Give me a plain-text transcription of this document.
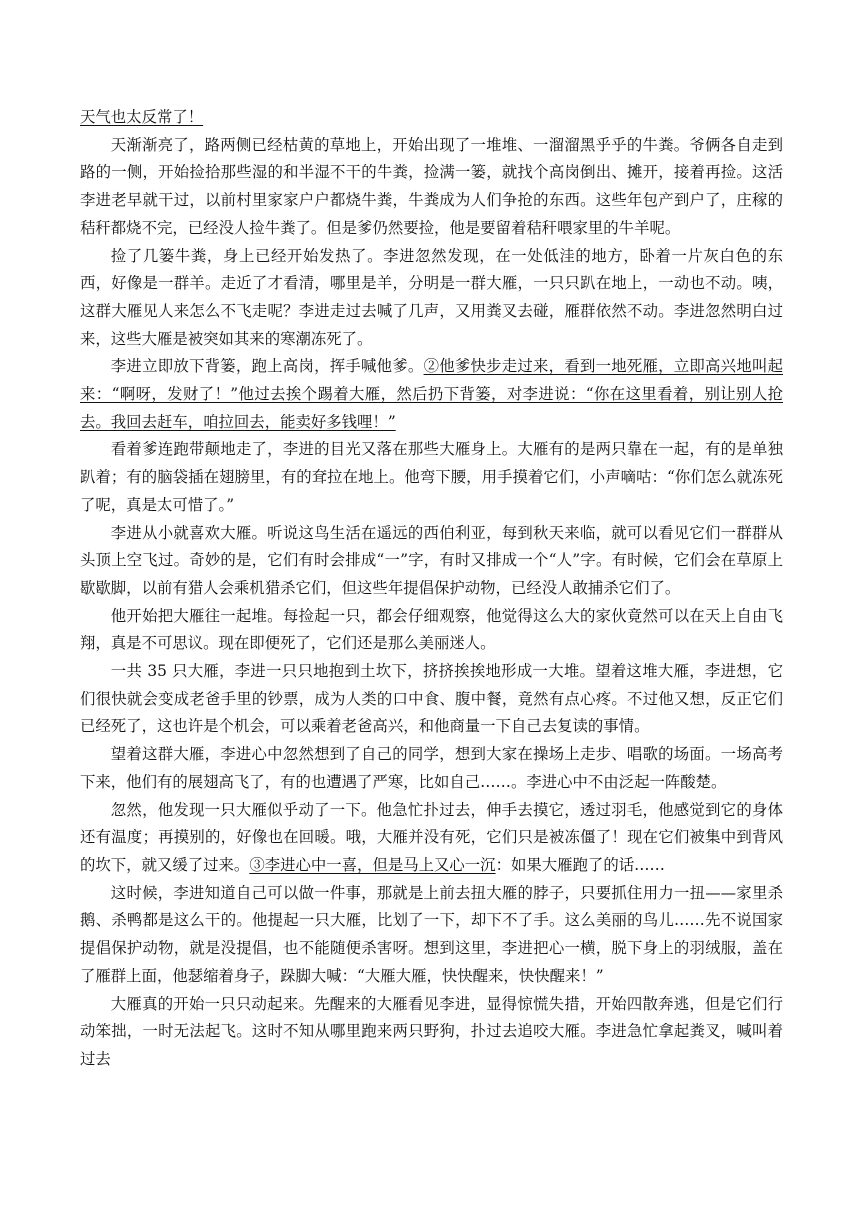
天气也太反常了！

天渐渐亮了，路两侧已经枯黄的草地上，开始出现了一堆堆、一溜溜黑乎乎的牛粪。爷俩各自走到路的一侧，开始捡拾那些湿的和半湿不干的牛粪，捡满一篓，就找个高岗倒出、摊开，接着再捡。这活李进老早就干过，以前村里家家户户都烧牛粪，牛粪成为人们争抢的东西。这些年包产到户了，庄稼的秸秆都烧不完，已经没人捡牛粪了。但是爹仍然要捡，他是要留着秸秆喂家里的牛羊呢。

捡了几篓牛粪，身上已经开始发热了。李进忽然发现，在一处低洼的地方，卧着一片灰白色的东西，好像是一群羊。走近了才看清，哪里是羊，分明是一群大雁，一只只趴在地上，一动也不动。咦，这群大雁见人来怎么不飞走呢？李进走过去喊了几声，又用粪叉去碰，雁群依然不动。李进忽然明白过来，这些大雁是被突如其来的寒潮冻死了。

李进立即放下背篓，跑上高岗，挥手喊他爹。②他爹快步走过来，看到一地死雁，立即高兴地叫起来：“啊呀，发财了！”他过去挨个踢着大雁，然后扔下背篓，对李进说：“你在这里看着，别让别人抢去。我回去赶车，咱拉回去，能卖好多钱哩！”

看着爹连跑带颠地走了，李进的目光又落在那些大雁身上。大雁有的是两只靠在一起，有的是单独趴着；有的脑袋插在翅膀里，有的耷拉在地上。他弯下腰，用手摸着它们，小声嘀咕：“你们怎么就冻死了呢，真是太可惜了。”

李进从小就喜欢大雁。听说这鸟生活在遥远的西伯利亚，每到秋天来临，就可以看见它们一群群从头顶上空飞过。奇妙的是，它们有时会排成“一”字，有时又排成一个“人”字。有时候，它们会在草原上歇歇脚，以前有猎人会乘机猎杀它们，但这些年提倡保护动物，已经没人敢捕杀它们了。

他开始把大雁往一起堆。每捡起一只，都会仔细观察，他觉得这么大的家伙竟然可以在天上自由飞翔，真是不可思议。现在即便死了，它们还是那么美丽迷人。

一共 35 只大雁，李进一只只地抱到土坎下，挤挤挨挨地形成一大堆。望着这堆大雁，李进想，它们很快就会变成老爸手里的钞票，成为人类的口中食、腹中餐，竟然有点心疼。不过他又想，反正它们已经死了，这也许是个机会，可以乘着老爸高兴，和他商量一下自己去复读的事情。

望着这群大雁，李进心中忽然想到了自己的同学，想到大家在操场上走步、唱歌的场面。一场高考下来，他们有的展翅高飞了，有的也遭遇了严寒，比如自己……。李进心中不由泛起一阵酸楚。

忽然，他发现一只大雁似乎动了一下。他急忙扑过去，伸手去摸它，透过羽毛，他感觉到它的身体还有温度；再摸别的，好像也在回暖。哦，大雁并没有死，它们只是被冻僵了！现在它们被集中到背风的坎下，就又缓了过来。③李进心中一喜，但是马上又心一沉：如果大雁跑了的话……

这时候，李进知道自己可以做一件事，那就是上前去扭大雁的脖子，只要抓住用力一扭——家里杀鹅、杀鸭都是这么干的。他提起一只大雁，比划了一下，却下不了手。这么美丽的鸟儿……先不说国家提倡保护动物，就是没提倡，也不能随便杀害呀。想到这里，李进把心一横，脱下身上的羽绒服，盖在了雁群上面，他瑟缩着身子，跺脚大喊：“大雁大雁，快快醒来，快快醒来！”

大雁真的开始一只只动起来。先醒来的大雁看见李进，显得惊慌失措，开始四散奔逃，但是它们行动笨拙，一时无法起飞。这时不知从哪里跑来两只野狗，扑过去追咬大雁。李进急忙拿起粪叉，喊叫着过去
